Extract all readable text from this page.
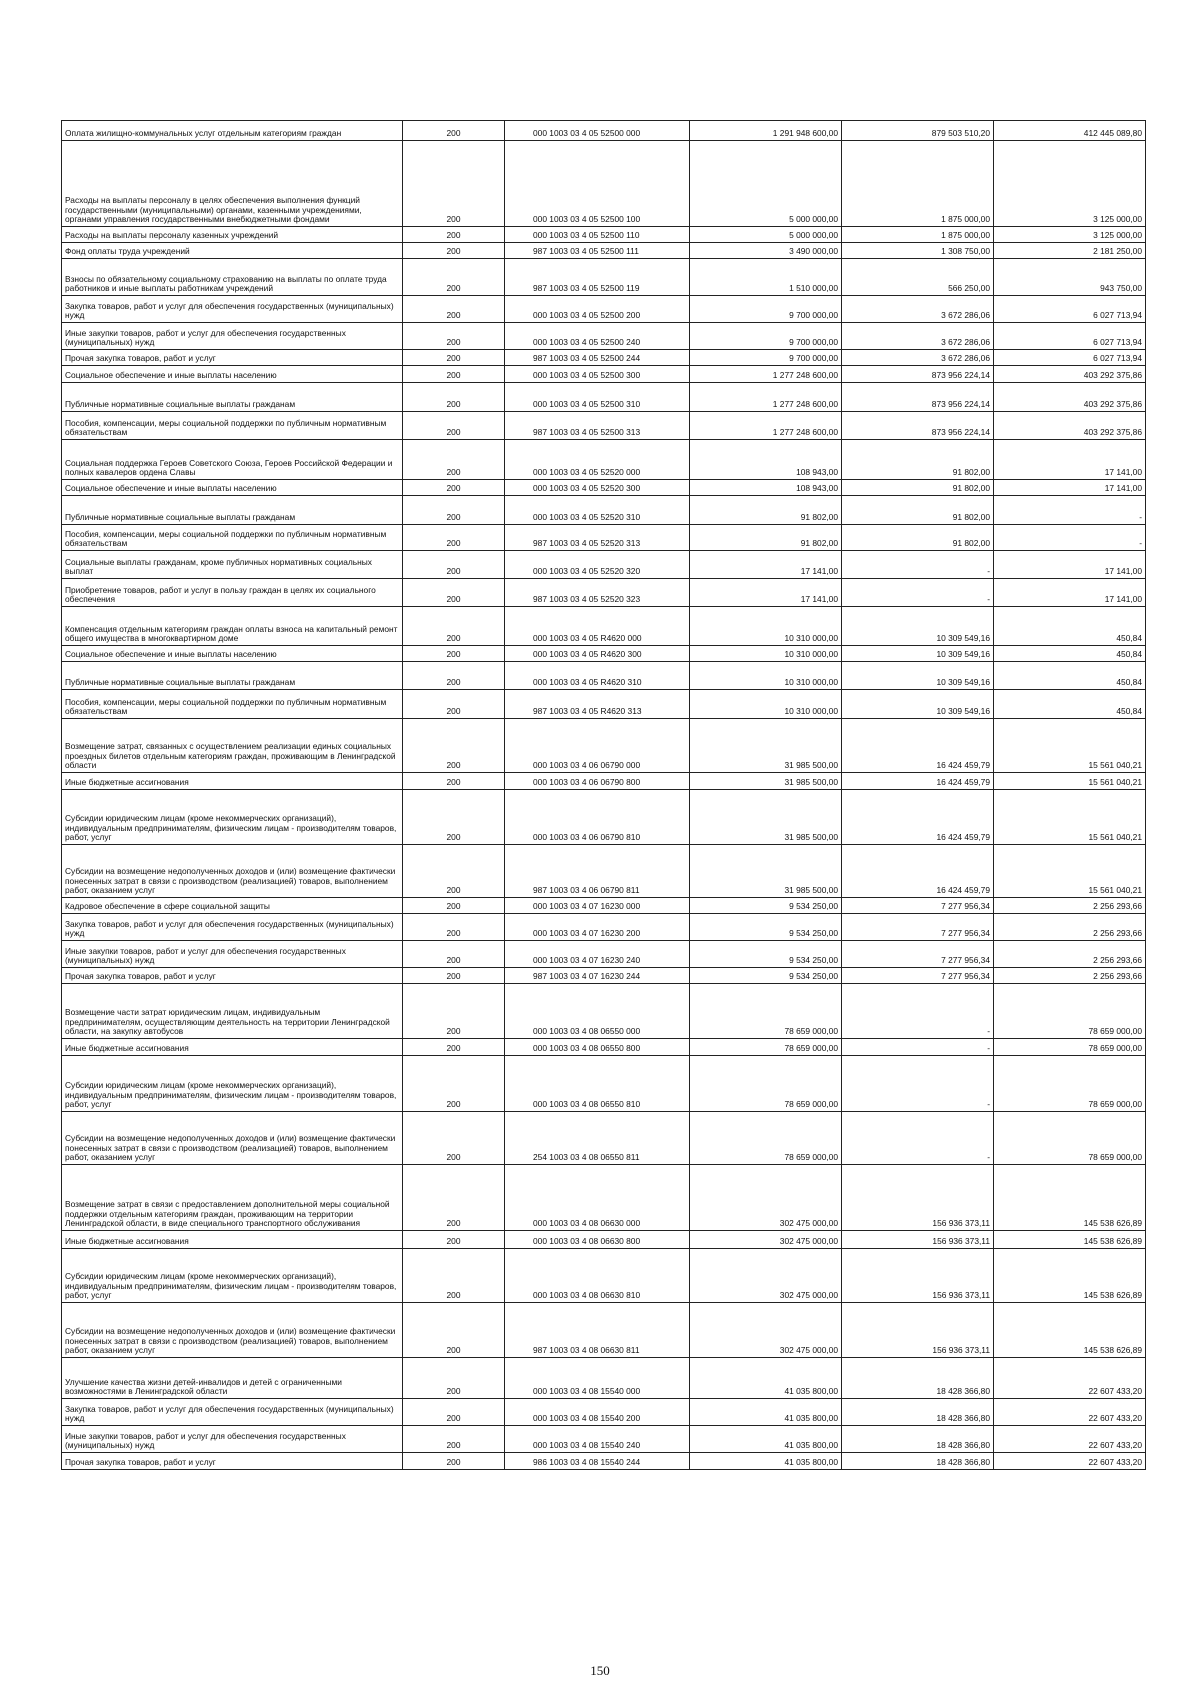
Оплата жилищно-коммунальных услуг отдельным категориям граждан	200	000 1003 03 4 05 52500 000	1 291 948 600,00	879 503 510,20	412 445 089,80
Расходы на выплаты персоналу в целях обеспечения выполнения функций государственными (муниципальными) органами, казенными учреждениями, органами управления государственными внебюджетными фондами	200	000 1003 03 4 05 52500 100	5 000 000,00	1 875 000,00	3 125 000,00
Расходы на выплаты персоналу казенных учреждений	200	000 1003 03 4 05 52500 110	5 000 000,00	1 875 000,00	3 125 000,00
Фонд оплаты труда учреждений	200	987 1003 03 4 05 52500 111	3 490 000,00	1 308 750,00	2 181 250,00
Взносы по обязательному социальному страхованию на выплаты по оплате труда работников и иные выплаты работникам учреждений	200	987 1003 03 4 05 52500 119	1 510 000,00	566 250,00	943 750,00
Закупка товаров, работ и услуг для обеспечения государственных (муниципальных) нужд	200	000 1003 03 4 05 52500 200	9 700 000,00	3 672 286,06	6 027 713,94
Иные закупки товаров, работ и услуг для обеспечения государственных (муниципальных) нужд	200	000 1003 03 4 05 52500 240	9 700 000,00	3 672 286,06	6 027 713,94
Прочая закупка товаров, работ и услуг	200	987 1003 03 4 05 52500 244	9 700 000,00	3 672 286,06	6 027 713,94
Социальное обеспечение и иные выплаты населению	200	000 1003 03 4 05 52500 300	1 277 248 600,00	873 956 224,14	403 292 375,86
Публичные нормативные социальные выплаты гражданам	200	000 1003 03 4 05 52500 310	1 277 248 600,00	873 956 224,14	403 292 375,86
Пособия, компенсации, меры социальной поддержки по публичным нормативным обязательствам	200	987 1003 03 4 05 52500 313	1 277 248 600,00	873 956 224,14	403 292 375,86
Социальная поддержка Героев Советского Союза, Героев Российской Федерации и полных кавалеров ордена Славы	200	000 1003 03 4 05 52520 000	108 943,00	91 802,00	17 141,00
Социальное обеспечение и иные выплаты населению	200	000 1003 03 4 05 52520 300	108 943,00	91 802,00	17 141,00
Публичные нормативные социальные выплаты гражданам	200	000 1003 03 4 05 52520 310	91 802,00	91 802,00	-
Пособия, компенсации, меры социальной поддержки по публичным нормативным обязательствам	200	987 1003 03 4 05 52520 313	91 802,00	91 802,00	-
Социальные выплаты гражданам, кроме публичных нормативных социальных выплат	200	000 1003 03 4 05 52520 320	17 141,00	-	17 141,00
Приобретение товаров, работ и услуг в пользу граждан в целях их социального обеспечения	200	987 1003 03 4 05 52520 323	17 141,00	-	17 141,00
Компенсация отдельным категориям граждан оплаты взноса на капитальный ремонт общего имущества в многоквартирном доме	200	000 1003 03 4 05 R4620 000	10 310 000,00	10 309 549,16	450,84
Социальное обеспечение и иные выплаты населению	200	000 1003 03 4 05 R4620 300	10 310 000,00	10 309 549,16	450,84
Публичные нормативные социальные выплаты гражданам	200	000 1003 03 4 05 R4620 310	10 310 000,00	10 309 549,16	450,84
Пособия, компенсации, меры социальной поддержки по публичным нормативным обязательствам	200	987 1003 03 4 05 R4620 313	10 310 000,00	10 309 549,16	450,84
Возмещение затрат, связанных с осуществлением реализации единых социальных проездных билетов отдельным категориям граждан, проживающим в Ленинградской области	200	000 1003 03 4 06 06790 000	31 985 500,00	16 424 459,79	15 561 040,21
Иные бюджетные ассигнования	200	000 1003 03 4 06 06790 800	31 985 500,00	16 424 459,79	15 561 040,21
Субсидии юридическим лицам (кроме некоммерческих организаций), индивидуальным предпринимателям, физическим лицам - производителям товаров, работ, услуг	200	000 1003 03 4 06 06790 810	31 985 500,00	16 424 459,79	15 561 040,21
Субсидии на возмещение недополученных доходов и (или) возмещение фактически понесенных затрат в связи с производством (реализацией) товаров, выполнением работ, оказанием услуг	200	987 1003 03 4 06 06790 811	31 985 500,00	16 424 459,79	15 561 040,21
Кадровое обеспечение в сфере социальной защиты	200	000 1003 03 4 07 16230 000	9 534 250,00	7 277 956,34	2 256 293,66
Закупка товаров, работ и услуг для обеспечения государственных (муниципальных) нужд	200	000 1003 03 4 07 16230 200	9 534 250,00	7 277 956,34	2 256 293,66
Иные закупки товаров, работ и услуг для обеспечения государственных (муниципальных) нужд	200	000 1003 03 4 07 16230 240	9 534 250,00	7 277 956,34	2 256 293,66
Прочая закупка товаров, работ и услуг	200	987 1003 03 4 07 16230 244	9 534 250,00	7 277 956,34	2 256 293,66
Возмещение части затрат юридическим лицам, индивидуальным предпринимателям, осуществляющим деятельность на территории Ленинградской области, на закупку автобусов	200	000 1003 03 4 08 06550 000	78 659 000,00	-	78 659 000,00
Иные бюджетные ассигнования	200	000 1003 03 4 08 06550 800	78 659 000,00	-	78 659 000,00
Субсидии юридическим лицам (кроме некоммерческих организаций), индивидуальным предпринимателям, физическим лицам - производителям товаров, работ, услуг	200	000 1003 03 4 08 06550 810	78 659 000,00	-	78 659 000,00
Субсидии на возмещение недополученных доходов и (или) возмещение фактически понесенных затрат в связи с производством (реализацией) товаров, выполнением работ, оказанием услуг	200	254 1003 03 4 08 06550 811	78 659 000,00	-	78 659 000,00
Возмещение затрат в связи с предоставлением дополнительной меры социальной поддержки отдельным категориям граждан, проживающим на территории Ленинградской области, в виде специального транспортного обслуживания	200	000 1003 03 4 08 06630 000	302 475 000,00	156 936 373,11	145 538 626,89
Иные бюджетные ассигнования	200	000 1003 03 4 08 06630 800	302 475 000,00	156 936 373,11	145 538 626,89
Субсидии юридическим лицам (кроме некоммерческих организаций), индивидуальным предпринимателям, физическим лицам - производителям товаров, работ, услуг	200	000 1003 03 4 08 06630 810	302 475 000,00	156 936 373,11	145 538 626,89
Субсидии на возмещение недополученных доходов и (или) возмещение фактически понесенных затрат в связи с производством (реализацией) товаров, выполнением работ, оказанием услуг	200	987 1003 03 4 08 06630 811	302 475 000,00	156 936 373,11	145 538 626,89
Улучшение качества жизни детей-инвалидов и детей с ограниченными возможностями в Ленинградской области	200	000 1003 03 4 08 15540 000	41 035 800,00	18 428 366,80	22 607 433,20
Закупка товаров, работ и услуг для обеспечения государственных (муниципальных) нужд	200	000 1003 03 4 08 15540 200	41 035 800,00	18 428 366,80	22 607 433,20
Иные закупки товаров, работ и услуг для обеспечения государственных (муниципальных) нужд	200	000 1003 03 4 08 15540 240	41 035 800,00	18 428 366,80	22 607 433,20
Прочая закупка товаров, работ и услуг	200	986 1003 03 4 08 15540 244	41 035 800,00	18 428 366,80	22 607 433,20
150
